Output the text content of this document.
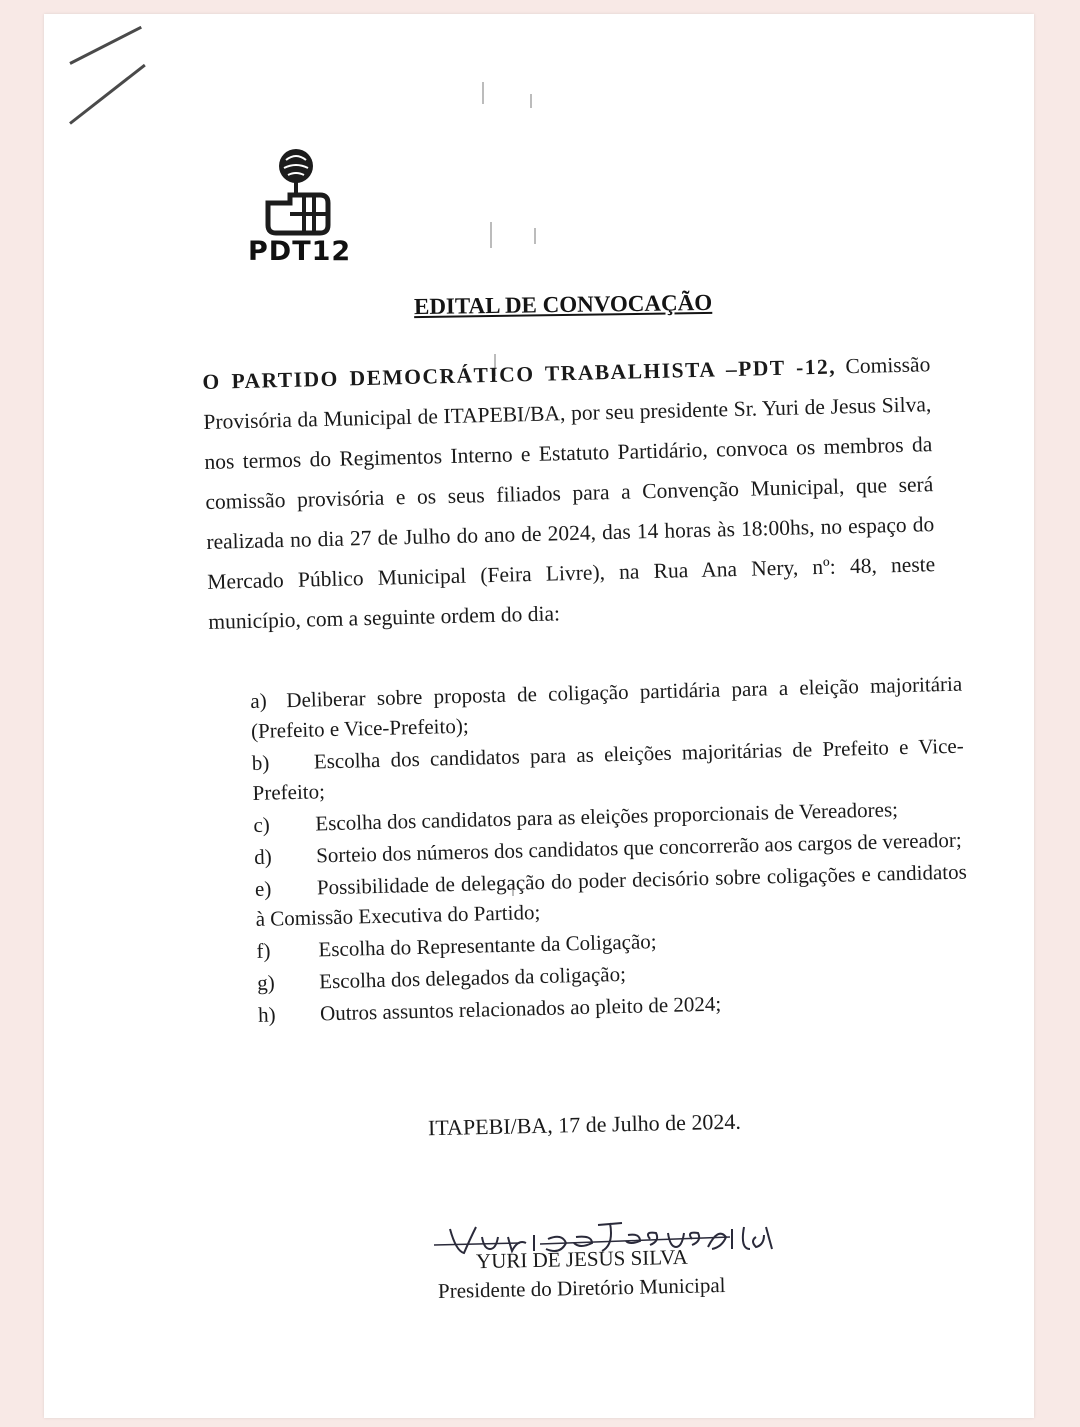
PDT12
EDITAL DE CONVOCAÇÃO
O PARTIDO DEMOCRÁTICO TRABALHISTA –PDT -12, Comissão Provisória da Municipal de ITAPEBI/BA, por seu presidente Sr. Yuri de Jesus Silva, nos termos do Regimentos Interno e Estatuto Partidário, convoca os membros da comissão provisória e os seus filiados para a Convenção Municipal, que será realizada no dia 27 de Julho do ano de 2024, das 14 horas às 18:00hs, no espaço do Mercado Público Municipal (Feira Livre), na Rua Ana Nery, nº: 48, neste município, com a seguinte ordem do dia:
a) Deliberar sobre proposta de coligação partidária para a eleição majoritária (Prefeito e Vice-Prefeito);
b) Escolha dos candidatos para as eleições majoritárias de Prefeito e Vice-Prefeito;
c) Escolha dos candidatos para as eleições proporcionais de Vereadores;
d) Sorteio dos números dos candidatos que concorrerão aos cargos de vereador;
e) Possibilidade de delegação do poder decisório sobre coligações e candidatos à Comissão Executiva do Partido;
f) Escolha do Representante da Coligação;
g) Escolha dos delegados da coligação;
h) Outros assuntos relacionados ao pleito de 2024;
ITAPEBI/BA, 17 de Julho de 2024.
YURI DE JESUS SILVA
Presidente do Diretório Municipal
